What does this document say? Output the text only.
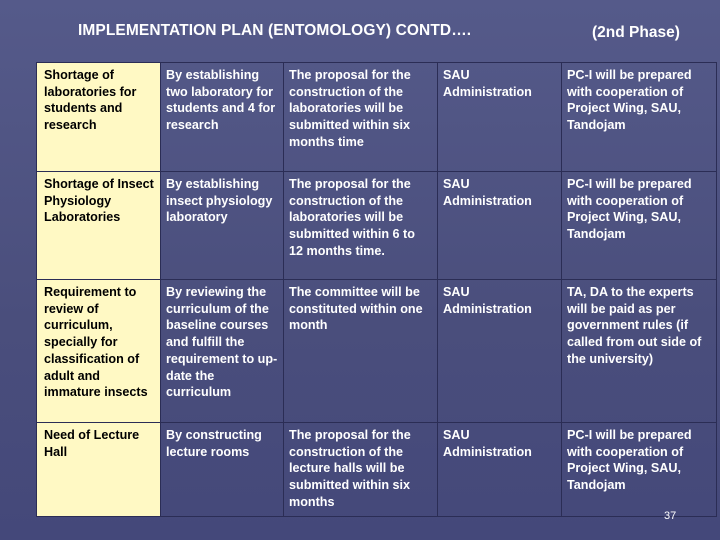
IMPLEMENTATION PLAN (ENTOMOLOGY) CONTD….	(2nd Phase)
Shortage of laboratories for students and research	By establishing two laboratory for students and 4 for research	The proposal for the construction of the laboratories will be submitted within six months time	SAU Administration	PC-I will be prepared with cooperation of Project Wing, SAU, Tandojam
Shortage of Insect Physiology Laboratories	By establishing insect physiology laboratory	The proposal for the construction of the laboratories will be submitted within 6 to 12 months time.	SAU Administration	PC-I will be prepared with cooperation of Project Wing, SAU, Tandojam
Requirement to review of curriculum, specially for classification of adult and immature insects	By reviewing the curriculum of the baseline courses and fulfill the requirement to up-date the curriculum	The committee will be constituted within one month	SAU Administration	TA, DA to the experts will be paid as per government rules (if called from out side of the university)
Need of Lecture Hall	By constructing lecture rooms	The proposal for the construction of the lecture halls will be submitted within six months	SAU Administration	PC-I will be prepared with cooperation of Project Wing, SAU, Tandojam
37
